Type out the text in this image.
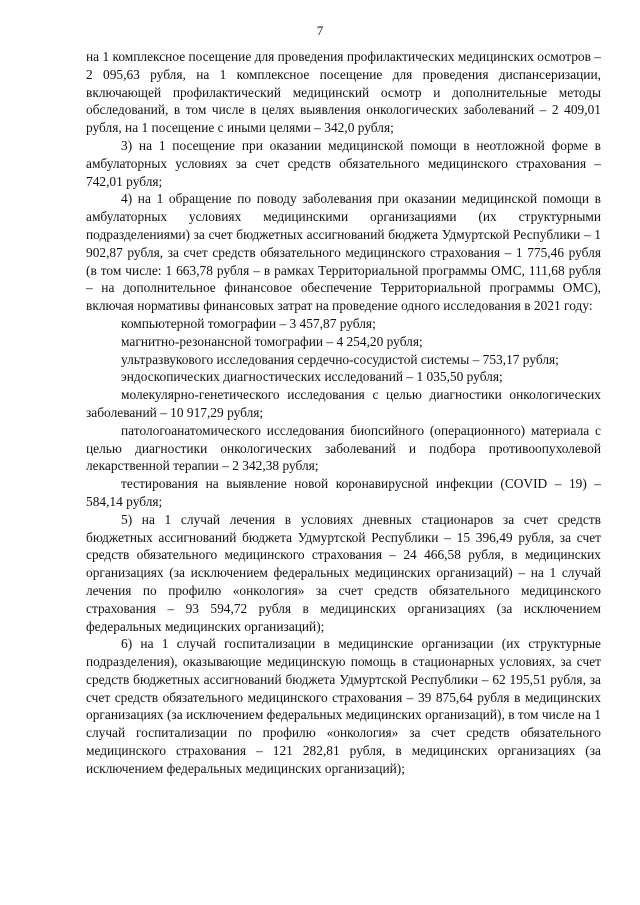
7

на 1 комплексное посещение для проведения профилактических медицинских осмотров – 2 095,63 рубля, на 1 комплексное посещение для проведения диспансеризации, включающей профилактический медицинский осмотр и дополнительные методы обследований, в том числе в целях выявления онкологических заболеваний – 2 409,01 рубля, на 1 посещение с иными целями – 342,0 рубля;

3) на 1 посещение при оказании медицинской помощи в неотложной форме в амбулаторных условиях за счет средств обязательного медицинского страхования – 742,01 рубля;

4) на 1 обращение по поводу заболевания при оказании медицинской помощи в амбулаторных условиях медицинскими организациями (их структурными подразделениями) за счет бюджетных ассигнований бюджета Удмуртской Республики – 1 902,87 рубля, за счет средств обязательного медицинского страхования – 1 775,46 рубля (в том числе: 1 663,78 рубля – в рамках Территориальной программы ОМС, 111,68 рубля – на дополнительное финансовое обеспечение Территориальной программы ОМС), включая нормативы финансовых затрат на проведение одного исследования в 2021 году:

компьютерной томографии – 3 457,87 рубля;

магнитно-резонансной томографии – 4 254,20 рубля;

ультразвукового исследования сердечно-сосудистой системы – 753,17 рубля;

эндоскопических диагностических исследований – 1 035,50 рубля;

молекулярно-генетического исследования с целью диагностики онкологических заболеваний – 10 917,29 рубля;

патологоанатомического исследования биопсийного (операционного) материала с целью диагностики онкологических заболеваний и подбора противоопухолевой лекарственной терапии – 2 342,38 рубля;

тестирования на выявление новой коронавирусной инфекции (COVID – 19) – 584,14 рубля;

5) на 1 случай лечения в условиях дневных стационаров за счет средств бюджетных ассигнований бюджета Удмуртской Республики – 15 396,49 рубля, за счет средств обязательного медицинского страхования – 24 466,58 рубля, в медицинских организациях (за исключением федеральных медицинских организаций) – на 1 случай лечения по профилю «онкология» за счет средств обязательного медицинского страхования – 93 594,72 рубля в медицинских организациях (за исключением федеральных медицинских организаций);

6) на 1 случай госпитализации в медицинские организации (их структурные подразделения), оказывающие медицинскую помощь в стационарных условиях, за счет средств бюджетных ассигнований бюджета Удмуртской Республики – 62 195,51 рубля, за счет средств обязательного медицинского страхования – 39 875,64 рубля в медицинских организациях (за исключением федеральных медицинских организаций), в том числе на 1 случай госпитализации по профилю «онкология» за счет средств обязательного медицинского страхования – 121 282,81 рубля, в медицинских организациях (за исключением федеральных медицинских организаций);
